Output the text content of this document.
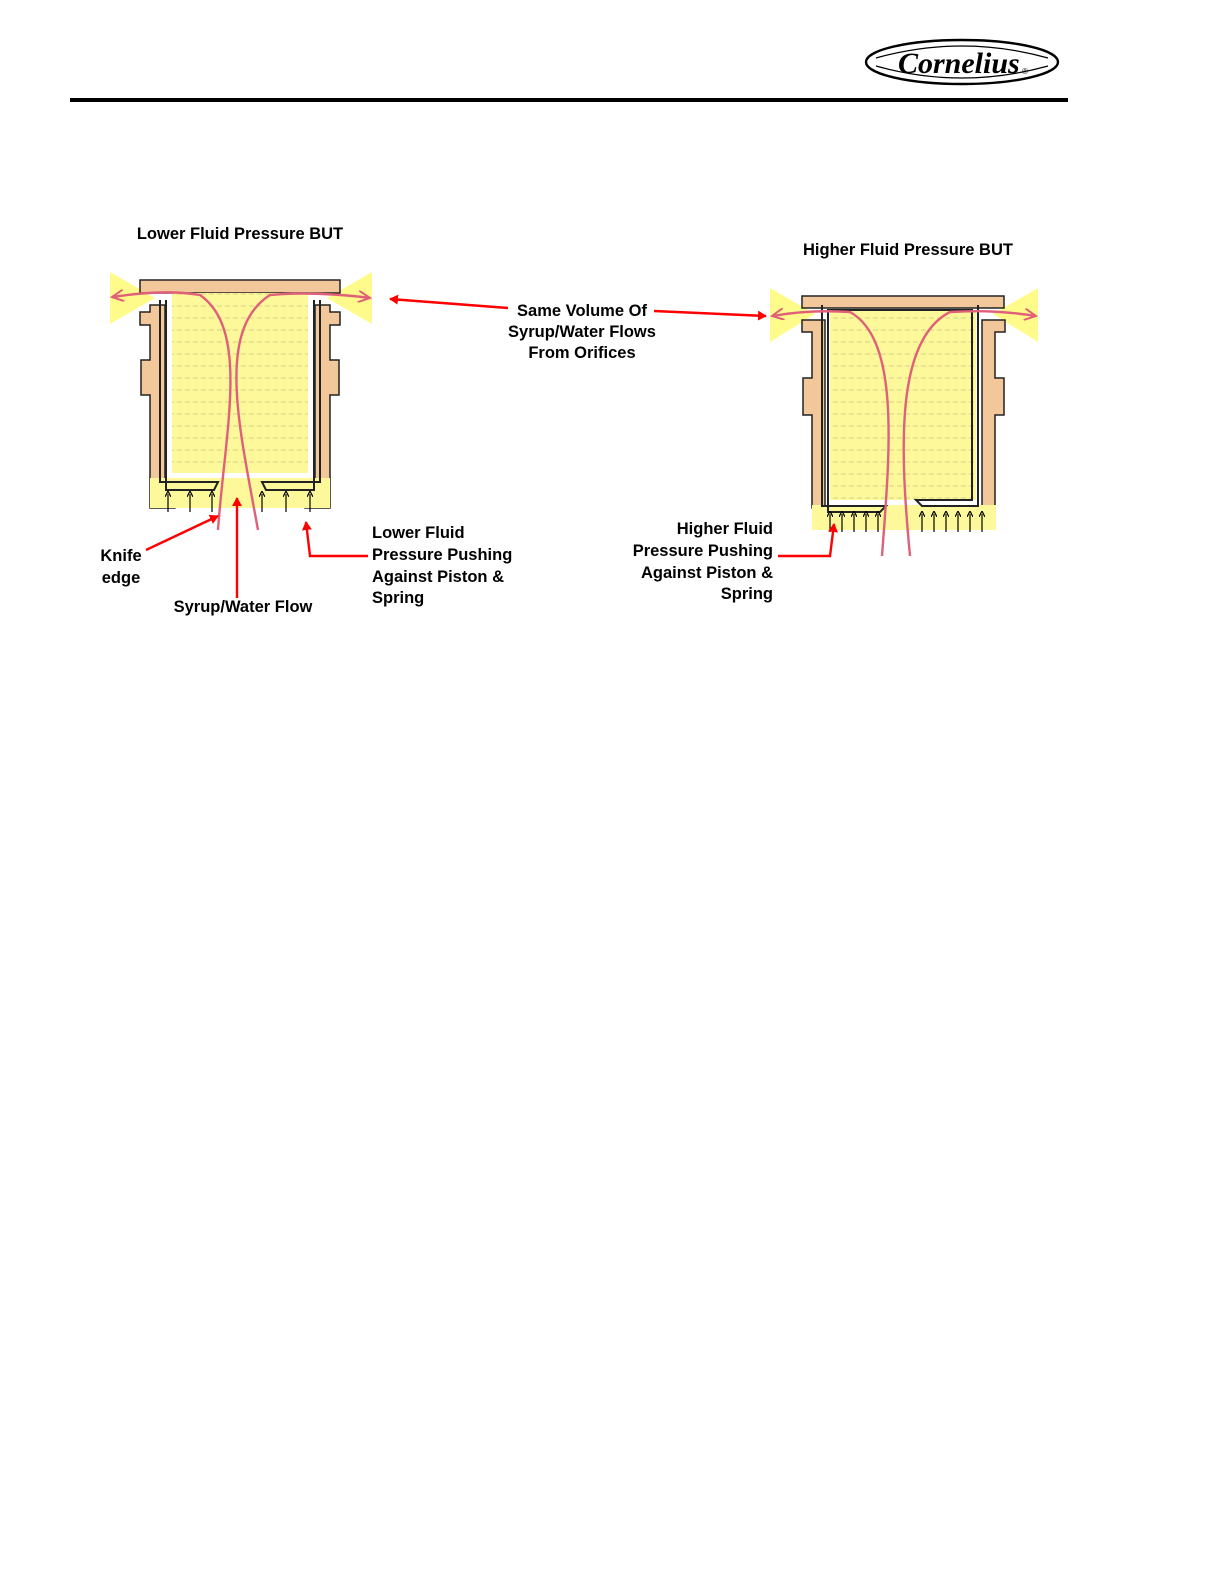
Cornelius ®
Lower Fluid Pressure BUT
Higher Fluid Pressure BUT
Same Volume Of
Syrup/Water Flows
From Orifices
Knife
edge
Syrup/Water Flow
Lower Fluid
Pressure Pushing
Against Piston &
Spring
Higher Fluid
Pressure Pushing
Against Piston &
Spring
